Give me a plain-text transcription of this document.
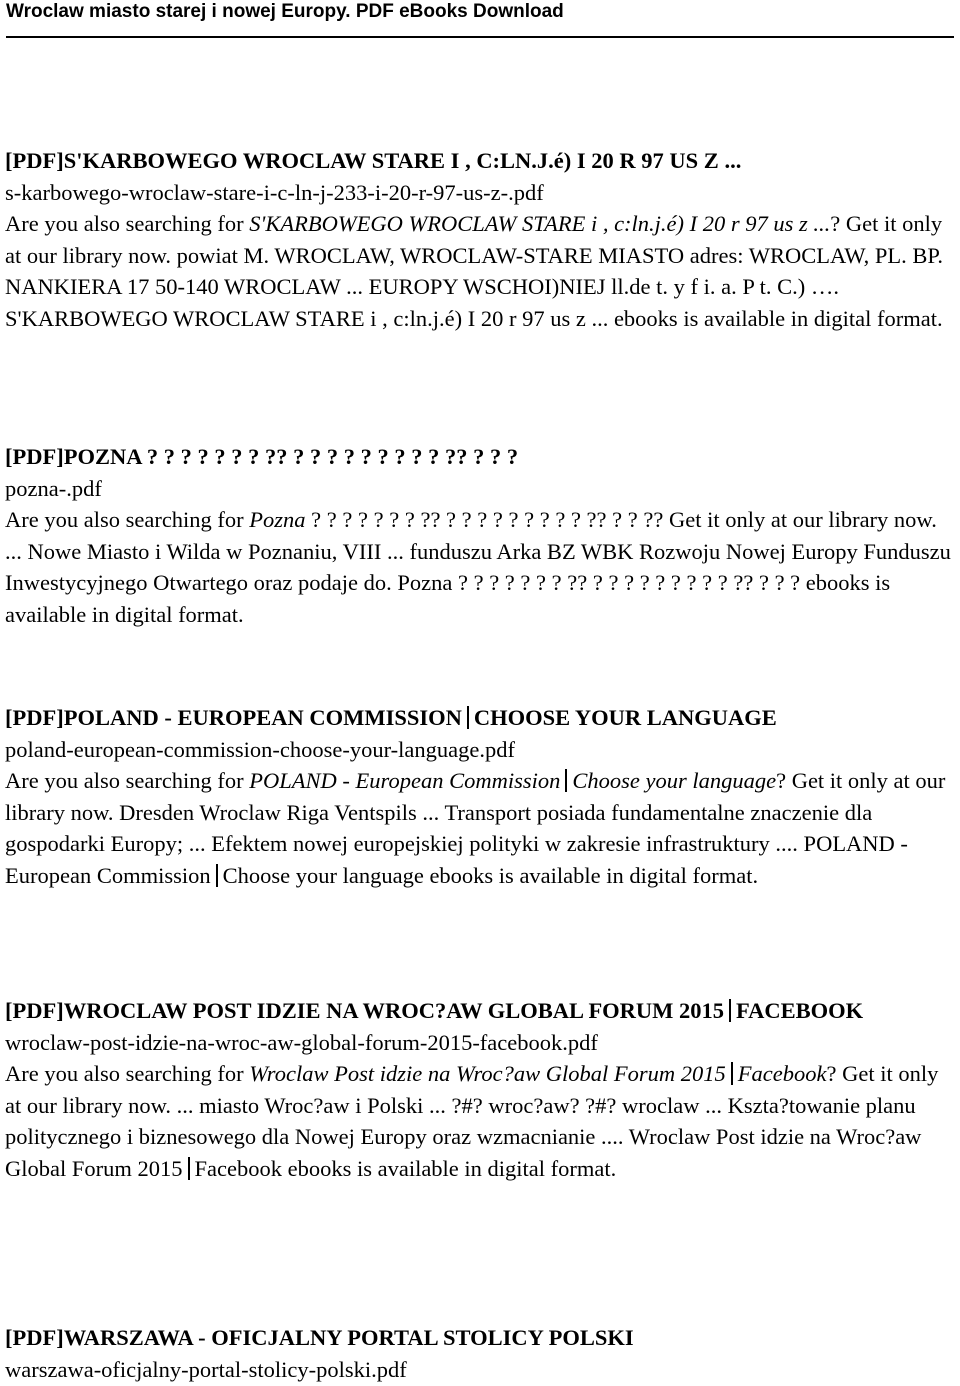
Wroclaw miasto starej i nowej Europy. PDF eBooks Download
[PDF]S'KARBOWEGO WROCLAW STARE I , C:LN.J.é) I 20 R 97 US Z ...

s-karbowego-wroclaw-stare-i-c-ln-j-233-i-20-r-97-us-z-.pdf

Are you also searching for S'KARBOWEGO WROCLAW STARE i , c:ln.j.é) I 20 r 97 us z ...? Get it only at our library now. powiat M. WROCLAW, WROCLAW-STARE MIASTO adres: WROCLAW, PL. BP. NANKIERA 17 50-140 WROCLAW ... EUROPY WSCHOI)NIEJ ll.de t. y f i. a. P t. C.) …. S'KARBOWEGO WROCLAW STARE i , c:ln.j.é) I 20 r 97 us z ... ebooks is available in digital format.

[PDF]POZNA ? ? ? ? ? ? ? ?? ? ? ? ? ? ? ? ? ? ?? ? ? ?

pozna-.pdf

Are you also searching for Pozna ? ? ? ? ? ? ? ?? ? ? ? ? ? ? ? ? ? ?? ? ? ?? Get it only at our library now. ... Nowe Miasto i Wilda w Poznaniu, VIII ... funduszu Arka BZ WBK Rozwoju Nowej Europy Funduszu Inwestycyjnego Otwartego oraz podaje do. Pozna ? ? ? ? ? ? ? ?? ? ? ? ? ? ? ? ? ? ?? ? ? ? ebooks is available in digital format.

[PDF]POLAND - EUROPEAN COMMISSION CHOOSE YOUR LANGUAGE

poland-european-commission-choose-your-language.pdf

Are you also searching for POLAND - European Commission Choose your language? Get it only at our library now. Dresden Wroclaw Riga Ventspils ... Transport posiada fundamentalne znaczenie dla gospodarki Europy; ... Efektem nowej europejskiej polityki w zakresie infrastruktury .... POLAND - European Commission Choose your language ebooks is available in digital format.

[PDF]WROCLAW POST IDZIE NA WROC?AW GLOBAL FORUM 2015 FACEBOOK

wroclaw-post-idzie-na-wroc-aw-global-forum-2015-facebook.pdf

Are you also searching for Wroclaw Post idzie na Wroc?aw Global Forum 2015 Facebook? Get it only at our library now. ... miasto Wroc?aw i Polski ... ?#? wroc?aw? ?#? wroclaw ... Kszta?towanie planu politycznego i biznesowego dla Nowej Europy oraz wzmacnianie .... Wroclaw Post idzie na Wroc?aw Global Forum 2015 Facebook ebooks is available in digital format.

[PDF]WARSZAWA - OFICJALNY PORTAL STOLICY POLSKI

warszawa-oficjalny-portal-stolicy-polski.pdf
